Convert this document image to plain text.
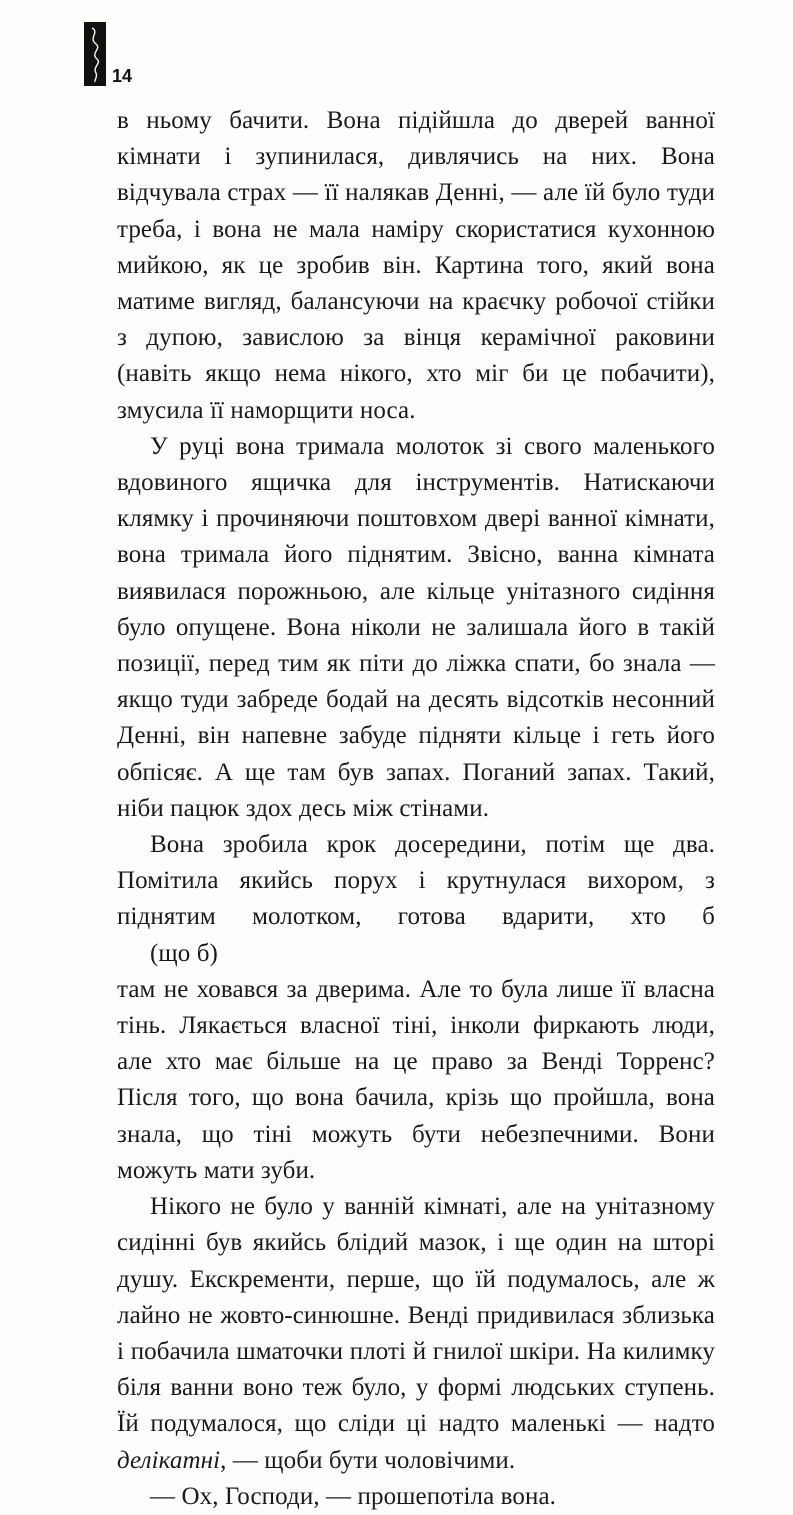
14

в ньому бачити. Вона підійшла до дверей ванної кімнати і зупинилася, дивлячись на них. Вона відчувала страх — її налякав Денні, — але їй було туди треба, і вона не мала наміру скористатися кухонною мийкою, як це зробив він. Картина того, який вона матиме вигляд, балансуючи на краєчку робочої стійки з дупою, завислою за вінця керамічної раковини (навіть якщо нема нікого, хто міг би це побачити), змусила її наморщити носа.

У руці вона тримала молоток зі свого маленького вдовиного ящичка для інструментів. Натискаючи клямку і прочиняючи поштовхом двері ванної кімнати, вона тримала його піднятим. Звісно, ванна кімната виявилася порожньою, але кільце унітазного сидіння було опущене. Вона ніколи не залишала його в такій позиції, перед тим як піти до ліжка спати, бо знала — якщо туди забреде бодай на десять відсотків несонний Денні, він напевне забуде підняти кільце і геть його обпісяє. А ще там був запах. Поганий запах. Такий, ніби пацюк здох десь між стінами.

Вона зробила крок досередини, потім ще два. Помітила якийсь порух і крутнулася вихором, з піднятим молотком, готова вдарити, хто б

(що б)

там не ховався за дверима. Але то була лише її власна тінь. Лякається власної тіні, інколи фиркають люди, але хто має більше на це право за Венді Торренс? Після того, що вона бачила, крізь що пройшла, вона знала, що тіні можуть бути небезпечними. Вони можуть мати зуби.

Нікого не було у ванній кімнаті, але на унітазному сидінні був якийсь блідий мазок, і ще один на шторі душу. Екскременти, перше, що їй подумалось, але ж лайно не жовто-синюшне. Венді придивилася зблизька і побачила шматочки плоті й гнилої шкіри. На килимку біля ванни воно теж було, у формі людських ступень. Їй подумалося, що сліди ці надто маленькі — надто делікатні, — щоби бути чоловічими.

— Ох, Господи, — прошепотіла вона.
